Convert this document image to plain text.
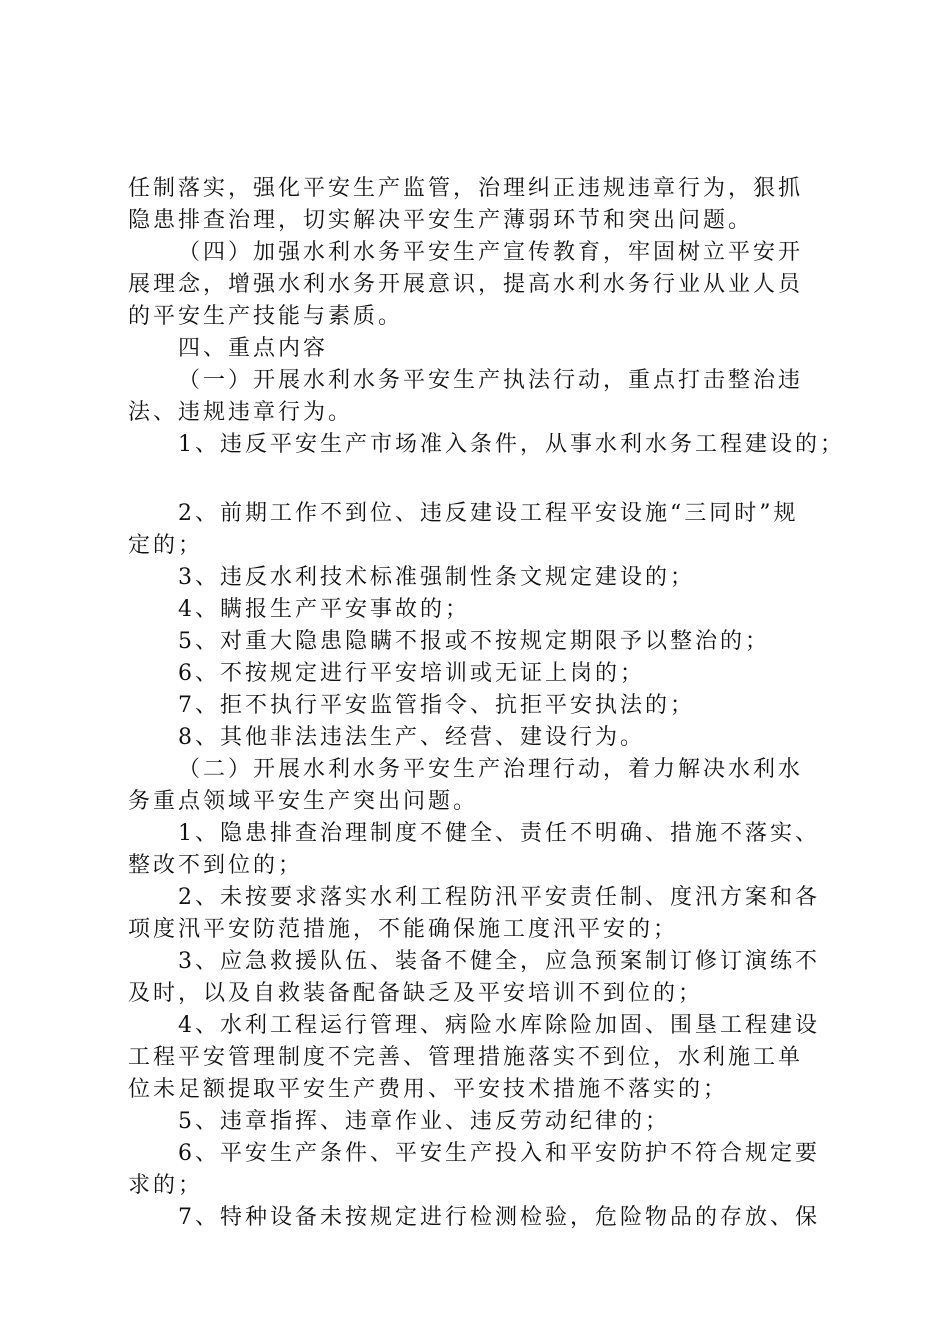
任制落实，强化平安生产监管，治理纠正违规违章行为，狠抓
隐患排查治理，切实解决平安生产薄弱环节和突出问题。
（四）加强水利水务平安生产宣传教育，牢固树立平安开
展理念，增强水利水务开展意识，提高水利水务行业从业人员
的平安生产技能与素质。
四、重点内容
（一）开展水利水务平安生产执法行动，重点打击整治违
法、违规违章行为。
1、违反平安生产市场准入条件，从事水利水务工程建设的；
2、前期工作不到位、违反建设工程平安设施“三同时”规
定的；
3、违反水利技术标准强制性条文规定建设的；
4、瞒报生产平安事故的；
5、对重大隐患隐瞒不报或不按规定期限予以整治的；
6、不按规定进行平安培训或无证上岗的；
7、拒不执行平安监管指令、抗拒平安执法的；
8、其他非法违法生产、经营、建设行为。
（二）开展水利水务平安生产治理行动，着力解决水利水
务重点领域平安生产突出问题。
1、隐患排查治理制度不健全、责任不明确、措施不落实、
整改不到位的；
2、未按要求落实水利工程防汛平安责任制、度汛方案和各
项度汛平安防范措施，不能确保施工度汛平安的；
3、应急救援队伍、装备不健全，应急预案制订修订演练不
及时，以及自救装备配备缺乏及平安培训不到位的；
4、水利工程运行管理、病险水库除险加固、围垦工程建设
工程平安管理制度不完善、管理措施落实不到位，水利施工单
位未足额提取平安生产费用、平安技术措施不落实的；
5、违章指挥、违章作业、违反劳动纪律的；
6、平安生产条件、平安生产投入和平安防护不符合规定要
求的；
7、特种设备未按规定进行检测检验，危险物品的存放、保
